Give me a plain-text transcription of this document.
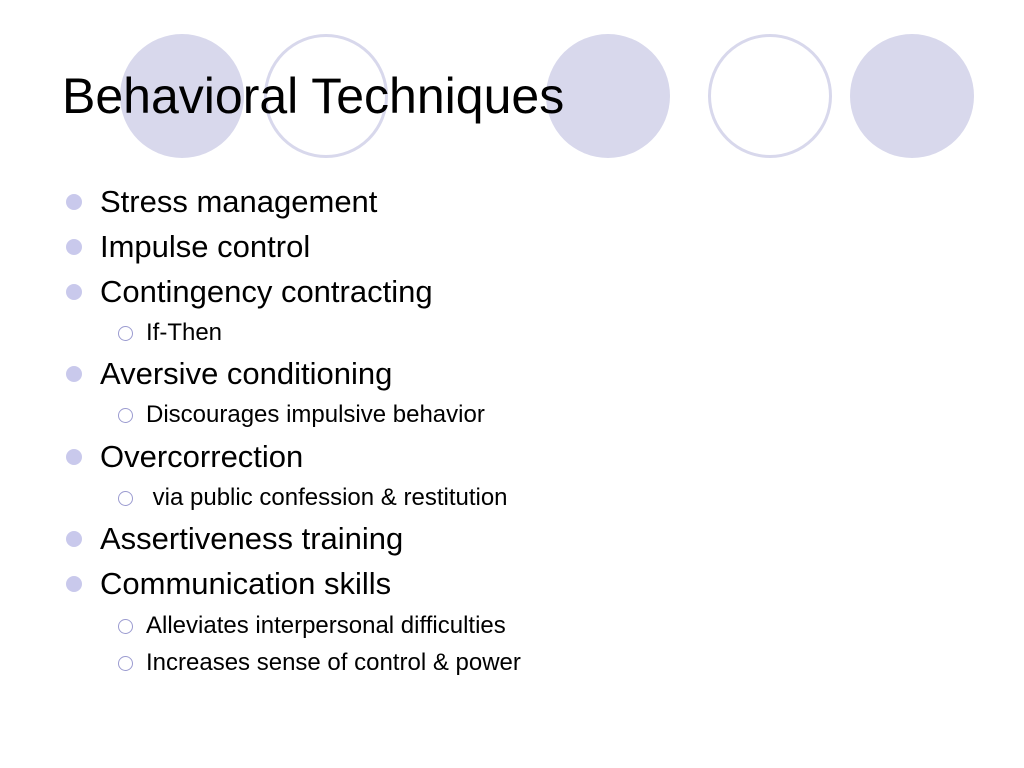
Behavioral Techniques
Stress management
Impulse control
Contingency contracting
If-Then
Aversive conditioning
Discourages impulsive behavior
Overcorrection
via public confession & restitution
Assertiveness training
Communication skills
Alleviates interpersonal difficulties
Increases sense of control & power
